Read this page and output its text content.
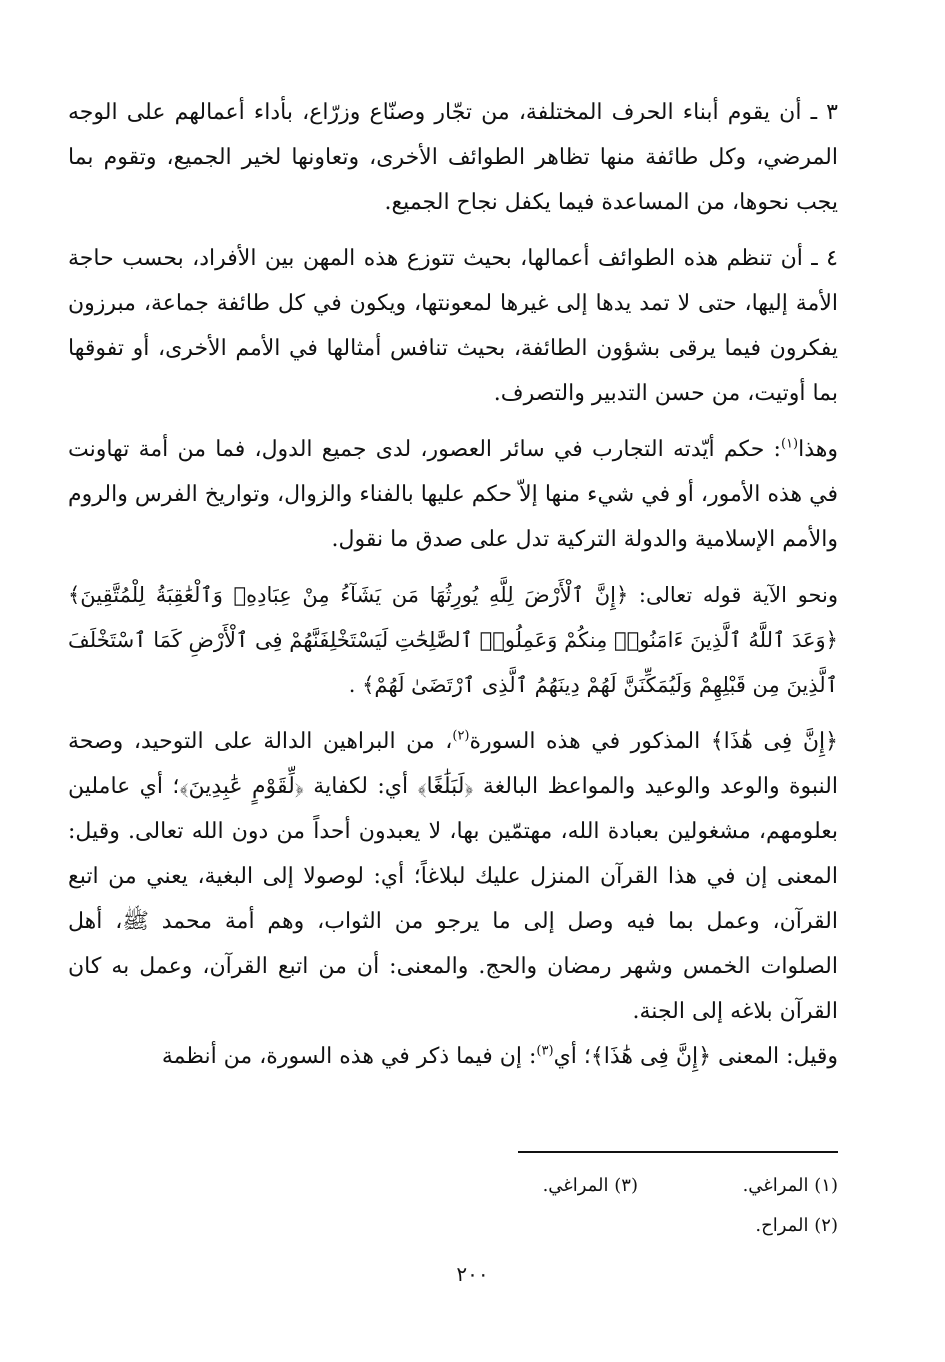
٣ ـ أن يقوم أبناء الحرف المختلفة، من تجّار وصنّاع وزرّاع، بأداء أعمالهم على الوجه المرضي، وكل طائفة منها تظاهر الطوائف الأخرى، وتعاونها لخير الجميع، وتقوم بما يجب نحوها، من المساعدة فيما يكفل نجاح الجميع.

٤ ـ أن تنظم هذه الطوائف أعمالها، بحيث تتوزع هذه المهن بين الأفراد، بحسب حاجة الأمة إليها، حتى لا تمد يدها إلى غيرها لمعونتها، ويكون في كل طائفة جماعة، مبرزون يفكرون فيما يرقى بشؤون الطائفة، بحيث تنافس أمثالها في الأمم الأخرى، أو تفوقها بما أوتيت، من حسن التدبير والتصرف.

وهذا$^{(١)}$: حكم أيّدته التجارب في سائر العصور، لدى جميع الدول، فما من أمة تهاونت في هذه الأمور، أو في شيء منها إلاّ حكم عليها بالفناء والزوال، وتواريخ الفرس والروم والأمم الإسلامية والدولة التركية تدل على صدق ما نقول.

ونحو الآية قوله تعالى: ﴿إِنَّ ٱلْأَرْضَ لِلَّهِ يُورِثُهَا مَن يَشَآءُ مِنْ عِبَادِهِۦ وَٱلْعَٰقِبَةُ لِلْمُتَّقِينَ﴾ ﴿وَعَدَ ٱللَّهُ ٱلَّذِينَ ءَامَنُوا۟ مِنكُمْ وَعَمِلُوا۟ ٱلصَّٰلِحَٰتِ لَيَسْتَخْلِفَنَّهُمْ فِى ٱلْأَرْضِ كَمَا ٱسْتَخْلَفَ ٱلَّذِينَ مِن قَبْلِهِمْ وَلَيُمَكِّنَنَّ لَهُمْ دِينَهُمُ ٱلَّذِى ٱرْتَضَىٰ لَهُمْ﴾ .

﴿إِنَّ فِى هَٰذَا﴾ المذكور في هذه السورة$^{(٢)}$، من البراهين الدالة على التوحيد، وصحة النبوة والوعد والوعيد والمواعظ البالغة ﴿لَبَلَٰغًا﴾ أي: لكفاية ﴿لِّقَوْمٍ عَٰبِدِينَ﴾؛ أي عاملين بعلومهم، مشغولين بعبادة الله، مهتمّين بها، لا يعبدون أحداً من دون الله تعالى. وقيل: المعنى إن في هذا القرآن المنزل عليك لبلاغاً؛ أي: لوصولا إلى البغية، يعني من اتبع القرآن، وعمل بما فيه وصل إلى ما يرجو من الثواب، وهم أمة محمد ﷺ، أهل الصلوات الخمس وشهر رمضان والحج. والمعنى: أن من اتبع القرآن، وعمل به كان القرآن بلاغه إلى الجنة.

وقيل: المعنى ﴿إِنَّ فِى هَٰذَا﴾؛ أي$^{(٣)}$: إن فيما ذكر في هذه السورة، من أنظمة

(١) المراغي.
(٣) المراغي.
(٢) المراح.
٢٠٠
